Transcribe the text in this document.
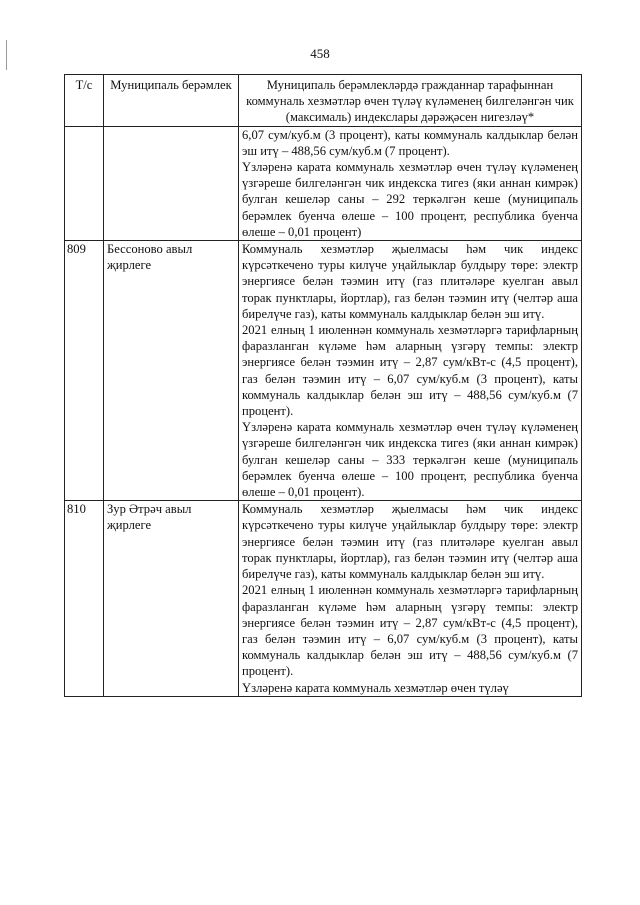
458
Т/с	Муниципаль берәмлек	Муниципаль берәмлекләрдә гражданнар тарафыннан коммуналь хезмәтләр өчен түләү күләменең билгеләнгән чик (максималь) индекслары дәрәҗәсен нигезләү*

		6,07 сум/куб.м (3 процент), каты коммуналь калдыклар белән эш итү – 488,56 сум/куб.м (7 процент).
Үзләренә карата коммуналь хезмәтләр өчен түләү күләменең үзгәреше билгеләнгән чик индекска тигез (яки аннан кимрәк) булган кешеләр саны – 292 теркәлгән кеше (муниципаль берәмлек буенча өлеше – 100 процент, республика буенча өлеше – 0,01 процент)

809	Бессоново авыл җирлеге	Коммуналь хезмәтләр җыелмасы һәм чик индекс күрсәткечено туры килүче уңайлыклар булдыру төре: электр энергиясе белән тәэмин итү (газ плитәләре куелган авыл торак пунктлары, йортлар), газ белән тәэмин итү (челтәр аша бирелүче газ), каты коммуналь калдыклар белән эш итү.
2021 елның 1 июленнән коммуналь хезмәтләргә тарифларның фаразланган күләме һәм аларның үзгәрү темпы: электр энергиясе белән тәэмин итү – 2,87 сум/кВт-с (4,5 процент), газ белән тәэмин итү – 6,07 сум/куб.м (3 процент), каты коммуналь калдыклар белән эш итү – 488,56 сум/куб.м (7 процент).
Үзләренә карата коммуналь хезмәтләр өчен түләү күләменең үзгәреше билгеләнгән чик индекска тигез (яки аннан кимрәк) булган кешеләр саны – 333 теркәлгән кеше (муниципаль берәмлек буенча өлеше – 100 процент, республика буенча өлеше – 0,01 процент).

810	Зур Әтрәч авыл җирлеге	Коммуналь хезмәтләр җыелмасы һәм чик индекс күрсәткечено туры килүче уңайлыклар булдыру төре: электр энергиясе белән тәэмин итү (газ плитәләре куелган авыл торак пунктлары, йортлар), газ белән тәэмин итү (челтәр аша бирелүче газ), каты коммуналь калдыклар белән эш итү.
2021 елның 1 июленнән коммуналь хезмәтләргә тарифларның фаразланган күләме һәм аларның үзгәрү темпы: электр энергиясе белән тәэмин итү – 2,87 сум/кВт-с (4,5 процент), газ белән тәэмин итү – 6,07 сум/куб.м (3 процент), каты коммуналь калдыклар белән эш итү – 488,56 сум/куб.м (7 процент).
Үзләренә карата коммуналь хезмәтләр өчен түләү
